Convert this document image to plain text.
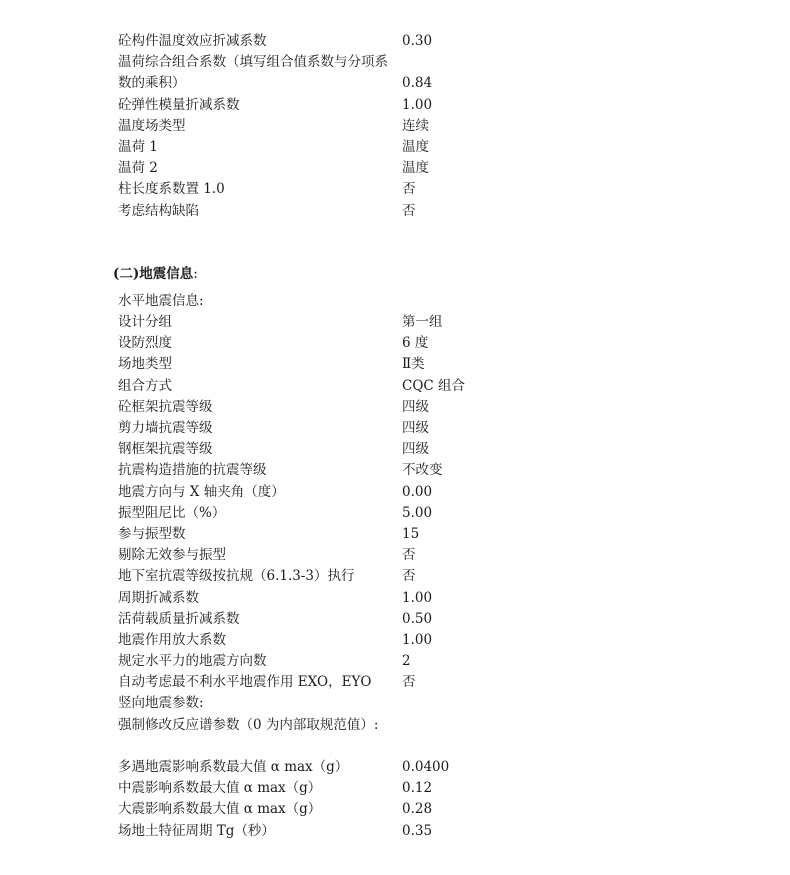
砼构件温度效应折减系数	0.30
温荷综合组合系数（填写组合值系数与分项系数的乘积）	0.84
砼弹性模量折减系数	1.00
温度场类型	连续
温荷 1	温度
温荷 2	温度
柱长度系数置 1.0	否
考虑结构缺陷	否
(二)地震信息:
水平地震信息:
设计分组	第一组
设防烈度	6 度
场地类型	Ⅱ类
组合方式	CQC 组合
砼框架抗震等级	四级
剪力墙抗震等级	四级
钢框架抗震等级	四级
抗震构造措施的抗震等级	不改变
地震方向与 X 轴夹角（度）	0.00
振型阻尼比（%）	5.00
参与振型数	15
剔除无效参与振型	否
地下室抗震等级按抗规（6.1.3-3）执行	否
周期折减系数	1.00
活荷载质量折减系数	0.50
地震作用放大系数	1.00
规定水平力的地震方向数	2
自动考虑最不利水平地震作用 EXO，EYO	否
竖向地震参数:
强制修改反应谱参数（0 为内部取规范值）:
多遇地震影响系数最大值 α max（g）	0.0400
中震影响系数最大值 α max（g）	0.12
大震影响系数最大值 α max（g）	0.28
场地土特征周期 Tg（秒）	0.35
